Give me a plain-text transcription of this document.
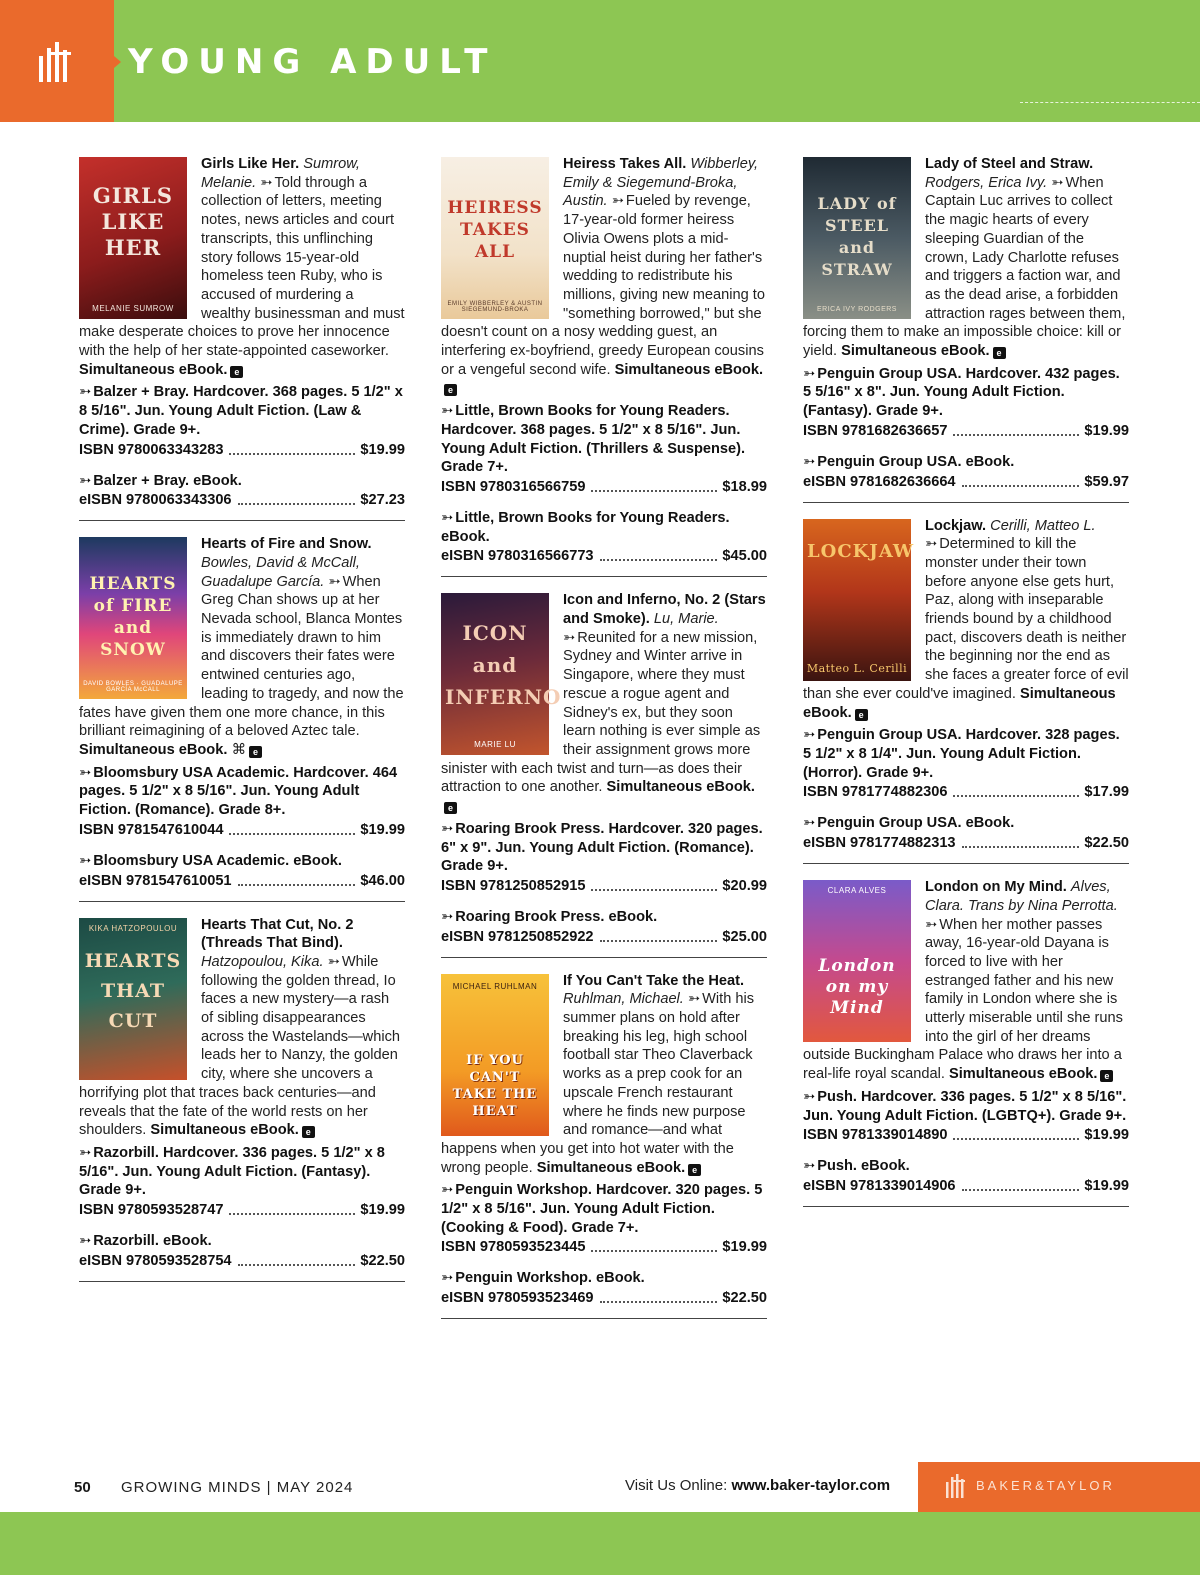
YOUNG ADULT
GIRLS LIKE HER
MELANIE SUMROW

Girls Like Her. Sumrow, Melanie. ➳ Told through a collection of letters, meeting notes, news articles and court transcripts, this unflinching story follows 15-year-old homeless teen Ruby, who is accused of murdering a wealthy businessman and must make desperate choices to prove her innocence with the help of her state-appointed caseworker. Simultaneous eBook. e

➳ Balzer + Bray. Hardcover. 368 pages. 5 1/2" x 8 5/16". Jun. Young Adult Fiction. (Law & Crime). Grade 9+.
ISBN 9780063343283	$19.99
➳ Balzer + Bray. eBook.
eISBN 9780063343306	$27.23
HEARTS of FIRE and SNOW
DAVID BOWLES · GUADALUPE GARCÍA McCALL

Hearts of Fire and Snow. Bowles, David & McCall, Guadalupe García. ➳ When Greg Chan shows up at her Nevada school, Blanca Montes is immediately drawn to him and discovers their fates were entwined centuries ago, leading to tragedy, and now the fates have given them one more chance, in this brilliant reimagining of a beloved Aztec tale. Simultaneous eBook. ⌘ e

➳ Bloomsbury USA Academic. Hardcover. 464 pages. 5 1/2" x 8 5/16". Jun. Young Adult Fiction. (Romance). Grade 8+.
ISBN 9781547610044	$19.99
➳ Bloomsbury USA Academic. eBook.
eISBN 9781547610051	$46.00
KIKA HATZOPOULOU
HEARTS THAT CUT

Hearts That Cut, No. 2 (Threads That Bind). Hatzopoulou, Kika. ➳ While following the golden thread, Io faces a new mystery—a rash of sibling disappearances across the Wastelands—which leads her to Nanzy, the golden city, where she uncovers a horrifying plot that traces back centuries—and reveals that the fate of the world rests on her shoulders. Simultaneous eBook. e

➳ Razorbill. Hardcover. 336 pages. 5 1/2" x 8 5/16". Jun. Young Adult Fiction. (Fantasy). Grade 9+.
ISBN 9780593528747	$19.99
➳ Razorbill. eBook.
eISBN 9780593528754	$22.50
HEIRESS TAKES ALL
EMILY WIBBERLEY & AUSTIN SIEGEMUND-BROKA

Heiress Takes All. Wibberley, Emily & Siegemund-Broka, Austin. ➳ Fueled by revenge, 17-year-old former heiress Olivia Owens plots a mid-nuptial heist during her father's wedding to redistribute his millions, giving new meaning to "something borrowed," but she doesn't count on a nosy wedding guest, an interfering ex-boyfriend, greedy European cousins or a vengeful second wife. Simultaneous eBook.e

➳ Little, Brown Books for Young Readers. Hardcover. 368 pages. 5 1/2" x 8 5/16". Jun. Young Adult Fiction. (Thrillers & Suspense). Grade 7+.
ISBN 9780316566759	$18.99
➳ Little, Brown Books for Young Readers. eBook.
eISBN 9780316566773	$45.00
ICON and INFERNO
MARIE LU

Icon and Inferno, No. 2 (Stars and Smoke). Lu, Marie. ➳ Reunited for a new mission, Sydney and Winter arrive in Singapore, where they must rescue a rogue agent and Sidney's ex, but they soon learn nothing is ever simple as their assignment grows more sinister with each twist and turn—as does their attraction to one another. Simultaneous eBook.e

➳ Roaring Brook Press. Hardcover. 320 pages. 6" x 9". Jun. Young Adult Fiction. (Romance). Grade 9+.
ISBN 9781250852915	$20.99
➳ Roaring Brook Press. eBook.
eISBN 9781250852922	$25.00
MICHAEL RUHLMAN
IF YOU CAN'T TAKE THE HEAT

If You Can't Take the Heat. Ruhlman, Michael. ➳ With his summer plans on hold after breaking his leg, high school football star Theo Claverback works as a prep cook for an upscale French restaurant where he finds new purpose and romance—and what happens when you get into hot water with the wrong people. Simultaneous eBook. e

➳ Penguin Workshop. Hardcover. 320 pages. 5 1/2" x 8 5/16". Jun. Young Adult Fiction. (Cooking & Food). Grade 7+.
ISBN 9780593523445	$19.99
➳ Penguin Workshop. eBook.
eISBN 9780593523469	$22.50
LADY of STEEL and STRAW
ERICA IVY RODGERS

Lady of Steel and Straw. Rodgers, Erica Ivy. ➳ When Captain Luc arrives to collect the magic hearts of every sleeping Guardian of the crown, Lady Charlotte refuses and triggers a faction war, and as the dead arise, a forbidden attraction rages between them, forcing them to make an impossible choice: kill or yield. Simultaneous eBook. e

➳ Penguin Group USA. Hardcover. 432 pages. 5 5/16" x 8". Jun. Young Adult Fiction. (Fantasy). Grade 9+.
ISBN 9781682636657	$19.99
➳ Penguin Group USA. eBook.
eISBN 9781682636664	$59.97
LOCKJAW
Matteo L. Cerilli

Lockjaw. Cerilli, Matteo L. ➳ Determined to kill the monster under their town before anyone else gets hurt, Paz, along with inseparable friends bound by a childhood pact, discovers death is neither the beginning nor the end as she faces a greater force of evil than she ever could've imagined. Simultaneous eBook. e

➳ Penguin Group USA. Hardcover. 328 pages. 5 1/2" x 8 1/4". Jun. Young Adult Fiction. (Horror). Grade 9+.
ISBN 9781774882306	$17.99
➳ Penguin Group USA. eBook.
eISBN 9781774882313	$22.50
CLARA ALVES
London on my Mind

London on My Mind. Alves, Clara. Trans by Nina Perrotta. ➳ When her mother passes away, 16-year-old Dayana is forced to live with her estranged father and his new family in London where she is utterly miserable until she runs into the girl of her dreams outside Buckingham Palace who draws her into a real-life royal scandal. Simultaneous eBook. e

➳ Push. Hardcover. 336 pages. 5 1/2" x 8 5/16". Jun. Young Adult Fiction. (LGBTQ+). Grade 9+.
ISBN 9781339014890	$19.99
➳ Push. eBook.
eISBN 9781339014906	$19.99
50 GROWING MINDS | MAY 2024	Visit Us Online: www.baker-taylor.com	BAKER&TAYLOR
